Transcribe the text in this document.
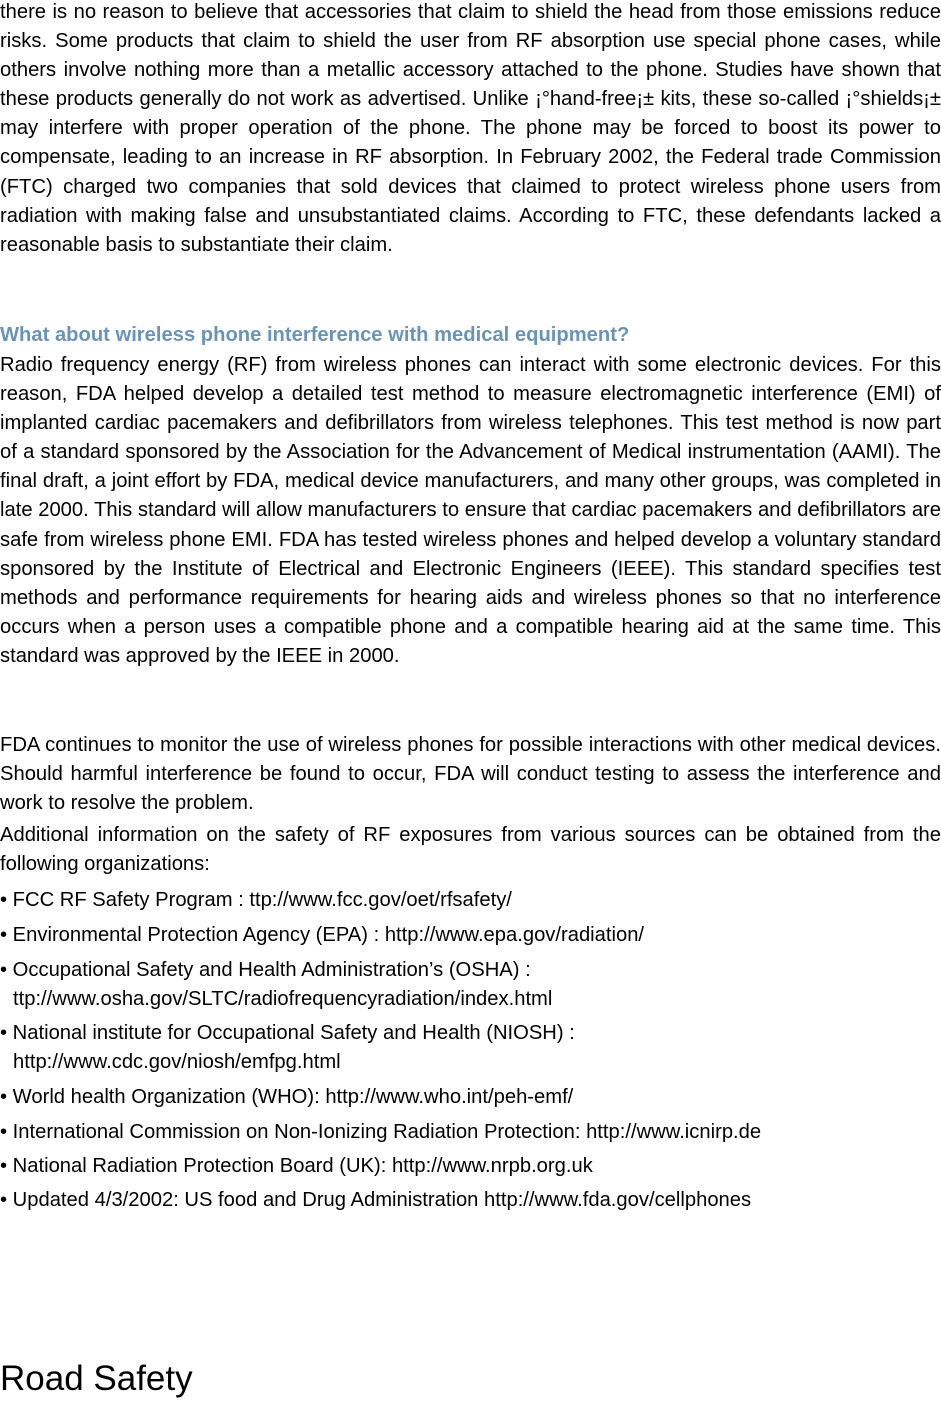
there is no reason to believe that accessories that claim to shield the head from those emissions reduce risks. Some products that claim to shield the user from RF absorption use special phone cases, while others involve nothing more than a metallic accessory attached to the phone. Studies have shown that these products generally do not work as advertised. Unlike ¡°hand-free¡± kits, these so-called ¡°shields¡± may interfere with proper operation of the phone. The phone may be forced to boost its power to compensate, leading to an increase in RF absorption. In February 2002, the Federal trade Commission (FTC) charged two companies that sold devices that claimed to protect wireless phone users from radiation with making false and unsubstantiated claims. According to FTC, these defendants lacked a reasonable basis to substantiate their claim.

What about wireless phone interference with medical equipment?

Radio frequency energy (RF) from wireless phones can interact with some electronic devices. For this reason, FDA helped develop a detailed test method to measure electromagnetic interference (EMI) of implanted cardiac pacemakers and defibrillators from wireless telephones. This test method is now part of a standard sponsored by the Association for the Advancement of Medical instrumentation (AAMI). The final draft, a joint effort by FDA, medical device manufacturers, and many other groups, was completed in late 2000. This standard will allow manufacturers to ensure that cardiac pacemakers and defibrillators are safe from wireless phone EMI. FDA has tested wireless phones and helped develop a voluntary standard sponsored by the Institute of Electrical and Electronic Engineers (IEEE). This standard specifies test methods and performance requirements for hearing aids and wireless phones so that no interference occurs when a person uses a compatible phone and a compatible hearing aid at the same time. This standard was approved by the IEEE in 2000.

FDA continues to monitor the use of wireless phones for possible interactions with other medical devices. Should harmful interference be found to occur, FDA will conduct testing to assess the interference and work to resolve the problem.

Additional information on the safety of RF exposures from various sources can be obtained from the following organizations:

• FCC RF Safety Program : ttp://www.fcc.gov/oet/rfsafety/
• Environmental Protection Agency (EPA) : http://www.epa.gov/radiation/
• Occupational Safety and Health Administration’s (OSHA) :
ttp://www.osha.gov/SLTC/radiofrequencyradiation/index.html
• National institute for Occupational Safety and Health (NIOSH) :
http://www.cdc.gov/niosh/emfpg.html
• World health Organization (WHO): http://www.who.int/peh-emf/
• International Commission on Non-Ionizing Radiation Protection: http://www.icnirp.de
• National Radiation Protection Board (UK): http://www.nrpb.org.uk
• Updated 4/3/2002: US food and Drug Administration http://www.fda.gov/cellphones
Road Safety
